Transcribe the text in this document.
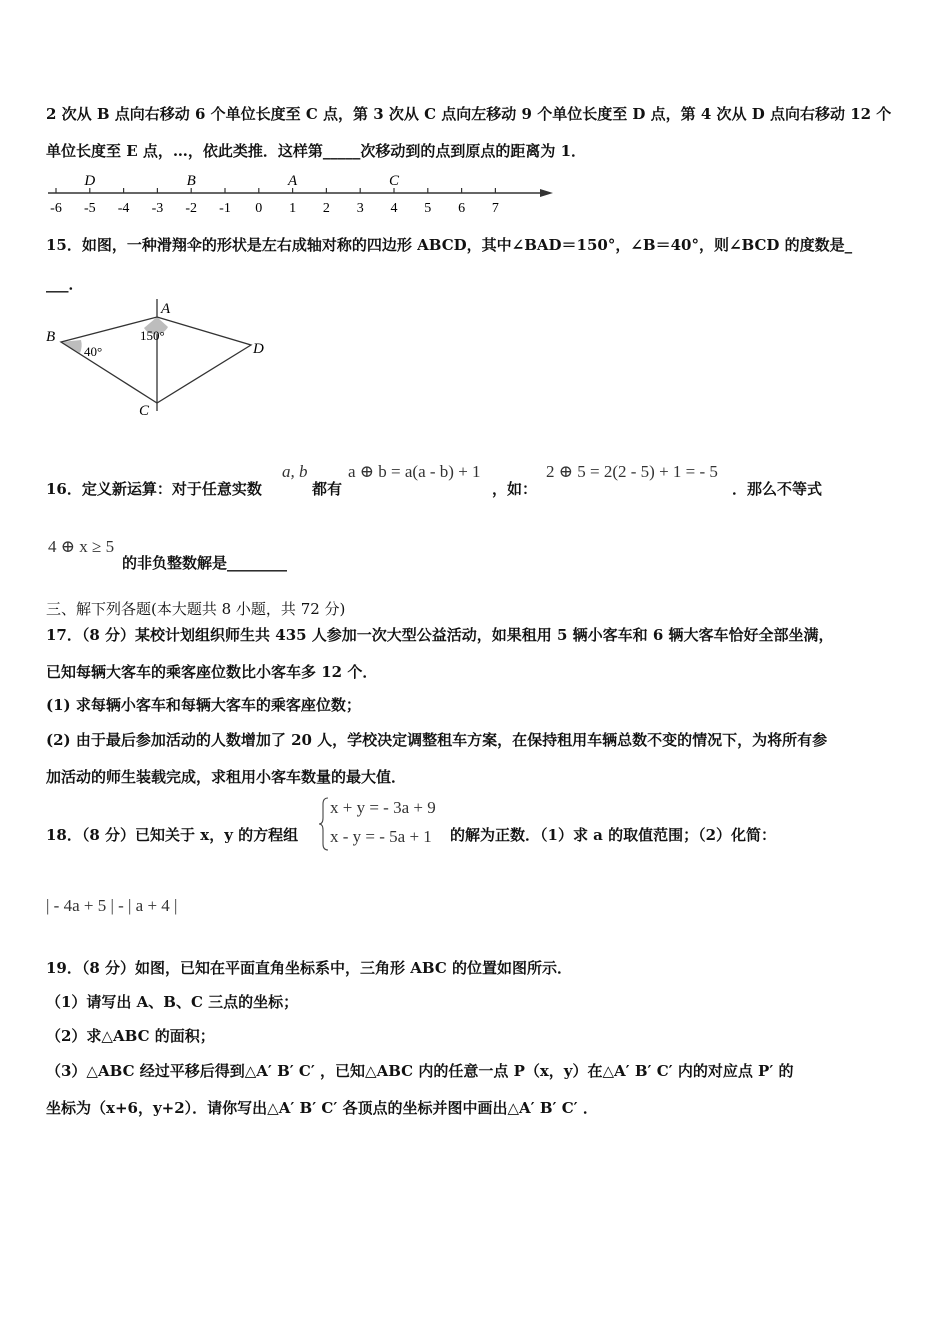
2 次从 B 点向右移动 6 个单位长度至 C 点，第 3 次从 C 点向左移动 9 个单位长度至 D 点，第 4 次从 D 点向右移动 12 个
单位长度至 E 点，…，依此类推．这样第_____次移动到的点到原点的距离为 1．
-6 -5 -4 -3 -2 -1 0 1 2 3 4 5 6 7
D	B	A	C
15．如图，一种滑翔伞的形状是左右成轴对称的四边形 ABCD，其中∠BAD＝150°，∠B＝40°，则∠BCD 的度数是_
___．
B
A
D
C
150°
40°
16．定义新运算：对于任意实数
a, b
都有
a ⊕ b = a(a - b) + 1
，如：
2 ⊕ 5 = 2(2 - 5) + 1 = - 5
．那么不等式
4 ⊕ x ≥ 5
的非负整数解是________
三、解下列各题(本大题共 8 小题，共 72 分)
17．（8 分）某校计划组织师生共 435 人参加一次大型公益活动，如果租用 5 辆小客车和 6 辆大客车恰好全部坐满，
已知每辆大客车的乘客座位数比小客车多 12 个．
(1) 求每辆小客车和每辆大客车的乘客座位数；
(2) 由于最后参加活动的人数增加了 20 人，学校决定调整租车方案，在保持租用车辆总数不变的情况下，为将所有参
加活动的师生装载完成，求租用小客车数量的最大值．
18．（8 分）已知关于 x，y 的方程组
x + y = - 3a + 9
x - y = - 5a + 1 的解为正数．（1）求 a 的取值范围；（2）化简：
| - 4a + 5 | - | a + 4 |
19．（8 分）如图，已知在平面直角坐标系中，三角形 ABC 的位置如图所示．
（1）请写出 A、B、C 三点的坐标；
（2）求△ABC 的面积；
（3）△ABC 经过平移后得到△A′ B′ C′ ，已知△ABC 内的任意一点 P（x，y）在△A′ B′ C′ 内的对应点 P′ 的
坐标为（x+6，y+2）．请你写出△A′ B′ C′ 各顶点的坐标并图中画出△A′ B′ C′ ．
